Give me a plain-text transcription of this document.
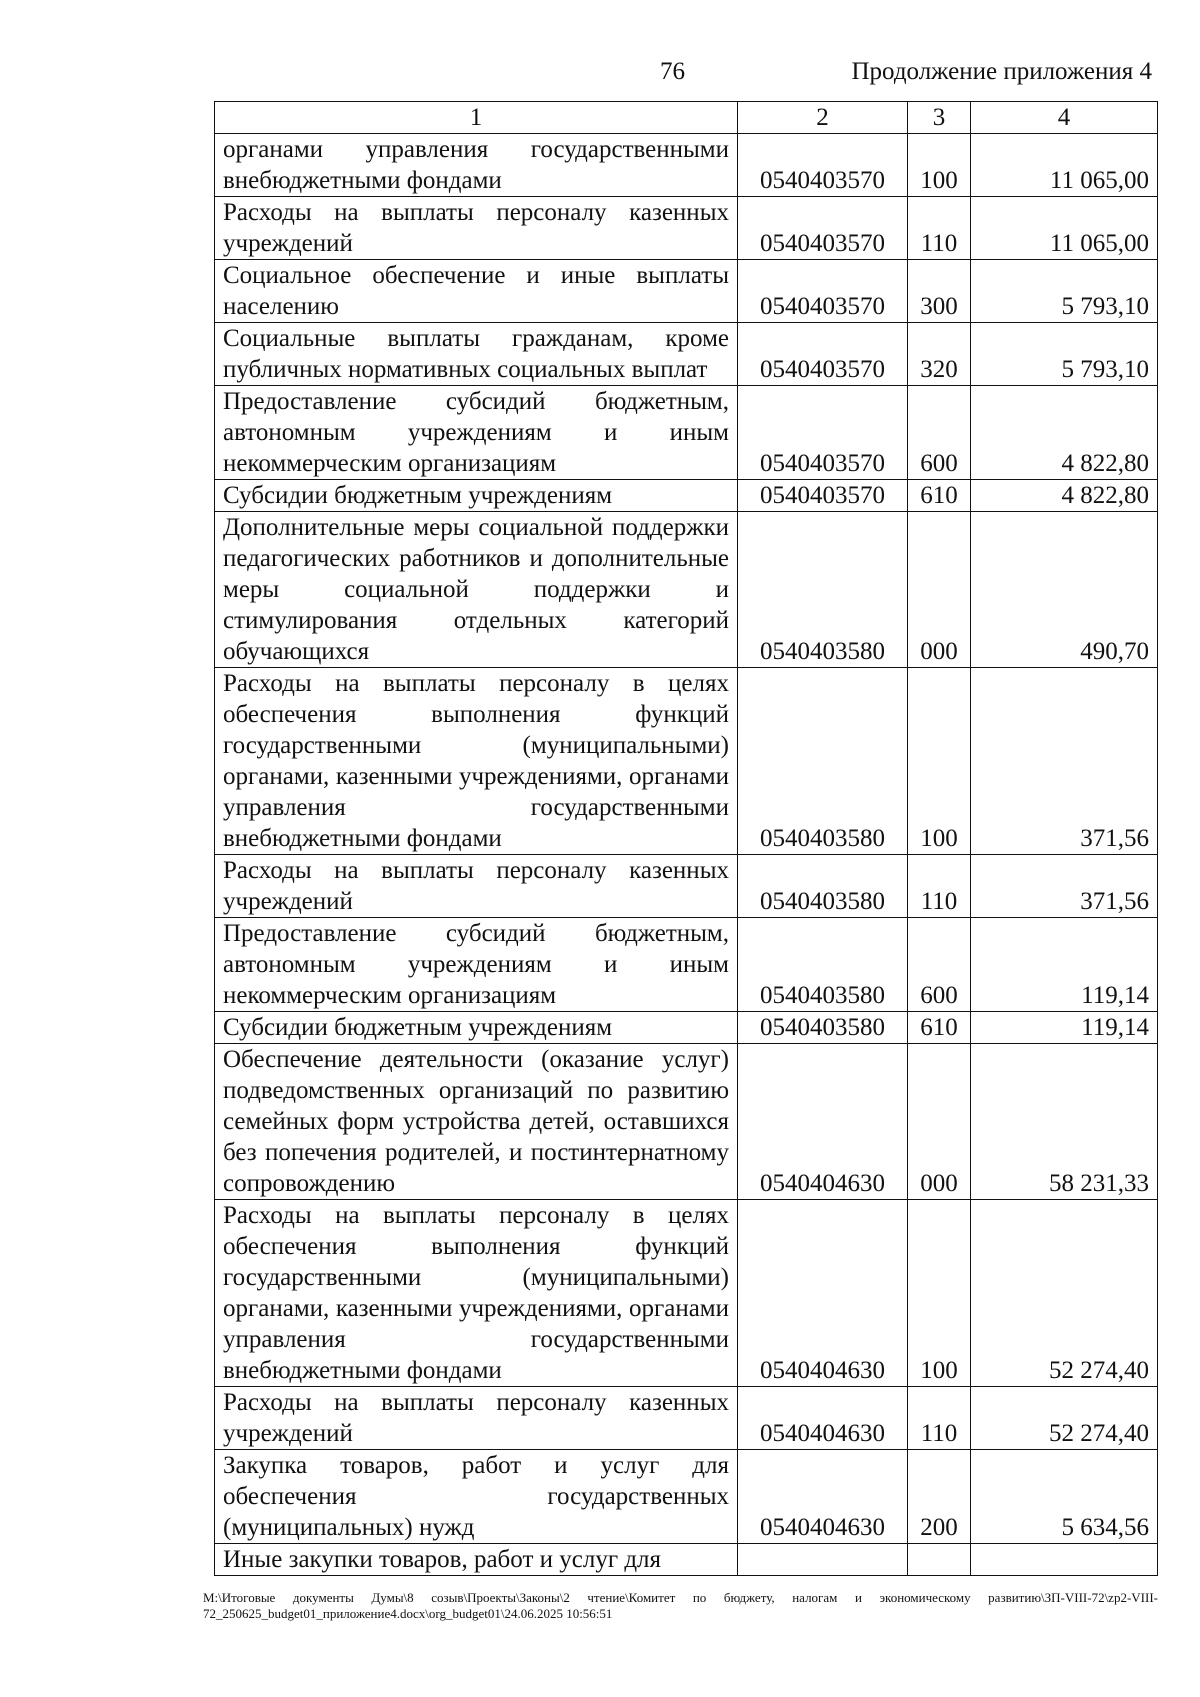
76	Продолжение приложения 4
1	2	3	4
органами управления государственными внебюджетными фондами	0540403570	100	11 065,00
Расходы на выплаты персоналу казенных учреждений	0540403570	110	11 065,00
Социальное обеспечение и иные выплаты населению	0540403570	300	5 793,10
Социальные выплаты гражданам, кроме публичных нормативных социальных выплат	0540403570	320	5 793,10
Предоставление субсидий бюджетным, автономным учреждениям и иным некоммерческим организациям	0540403570	600	4 822,80
Субсидии бюджетным учреждениям	0540403570	610	4 822,80
Дополнительные меры социальной поддержки педагогических работников и дополнительные меры социальной поддержки и стимулирования отдельных категорий обучающихся	0540403580	000	490,70
Расходы на выплаты персоналу в целях обеспечения выполнения функций государственными (муниципальными) органами, казенными учреждениями, органами управления государственными внебюджетными фондами	0540403580	100	371,56
Расходы на выплаты персоналу казенных учреждений	0540403580	110	371,56
Предоставление субсидий бюджетным, автономным учреждениям и иным некоммерческим организациям	0540403580	600	119,14
Субсидии бюджетным учреждениям	0540403580	610	119,14
Обеспечение деятельности (оказание услуг) подведомственных организаций по развитию семейных форм устройства детей, оставшихся без попечения родителей, и постинтернатному сопровождению	0540404630	000	58 231,33
Расходы на выплаты персоналу в целях обеспечения выполнения функций государственными (муниципальными) органами, казенными учреждениями, органами управления государственными внебюджетными фондами	0540404630	100	52 274,40
Расходы на выплаты персоналу казенных учреждений	0540404630	110	52 274,40
Закупка товаров, работ и услуг для обеспечения государственных (муниципальных) нужд	0540404630	200	5 634,56
Иные закупки товаров, работ и услуг для			
М:\Итоговые документы Думы\8 созыв\Проекты\Законы\2 чтение\Комитет по бюджету, налогам и экономическому развитию\ЗП-VIII-72\zp2-VIII-72_250625_budget01_приложение4.docx\org_budget01\24.06.2025 10:56:51
